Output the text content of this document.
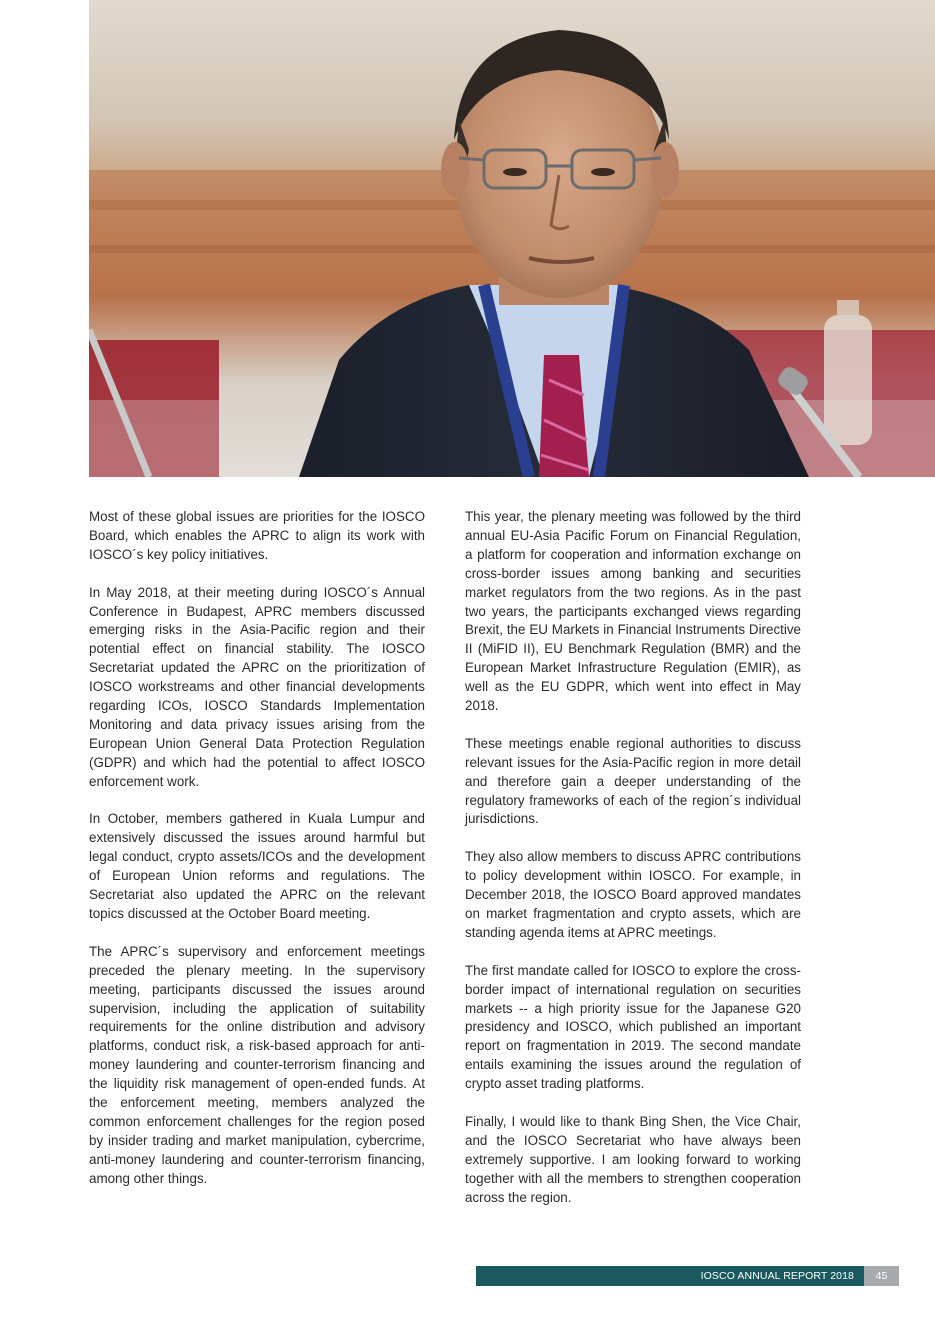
Most of these global issues are priorities for the IOSCO Board, which enables the APRC to align its work with IOSCO´s key policy initiatives.

In May 2018, at their meeting during IOSCO´s Annual Conference in Budapest, APRC members discussed emerging risks in the Asia-Pacific region and their potential effect on financial stability. The IOSCO Secretariat updated the APRC on the prioritization of IOSCO workstreams and other financial developments regarding ICOs, IOSCO Standards Implementation Monitoring and data privacy issues arising from the European Union General Data Protection Regulation (GDPR) and which had the potential to affect IOSCO enforcement work.

In October, members gathered in Kuala Lumpur and extensively discussed the issues around harmful but legal conduct, crypto assets/ICOs and the development of European Union reforms and regulations. The Secretariat also updated the APRC on the relevant topics discussed at the October Board meeting.

The APRC´s supervisory and enforcement meetings preceded the plenary meeting. In the supervisory meeting, participants discussed the issues around supervision, including the application of suitability requirements for the online distribution and advisory platforms, conduct risk, a risk-based approach for anti-money laundering and counter-terrorism financing and the liquidity risk management of open-ended funds. At the enforcement meeting, members analyzed the common enforcement challenges for the region posed by insider trading and market manipulation, cybercrime, anti-money laundering and counter-terrorism financing, among other things.

This year, the plenary meeting was followed by the third annual EU-Asia Pacific Forum on Financial Regulation, a platform for cooperation and information exchange on cross-border issues among banking and securities market regulators from the two regions. As in the past two years, the participants exchanged views regarding Brexit, the EU Markets in Financial Instruments Directive II (MiFID II), EU Benchmark Regulation (BMR) and the European Market Infrastructure Regulation (EMIR), as well as the EU GDPR, which went into effect in May 2018.

These meetings enable regional authorities to discuss relevant issues for the Asia-Pacific region in more detail and therefore gain a deeper understanding of the regulatory frameworks of each of the region´s individual jurisdictions.

They also allow members to discuss APRC contributions to policy development within IOSCO. For example, in December 2018, the IOSCO Board approved mandates on market fragmentation and crypto assets, which are standing agenda items at APRC meetings.

The first mandate called for IOSCO to explore the cross-border impact of international regulation on securities markets -- a high priority issue for the Japanese G20 presidency and IOSCO, which published an important report on fragmentation in 2019. The second mandate entails examining the issues around the regulation of crypto asset trading platforms.

Finally, I would like to thank Bing Shen, the Vice Chair, and the IOSCO Secretariat who have always been extremely supportive. I am looking forward to working together with all the members to strengthen cooperation across the region.

IOSCO ANNUAL REPORT 2018	45
